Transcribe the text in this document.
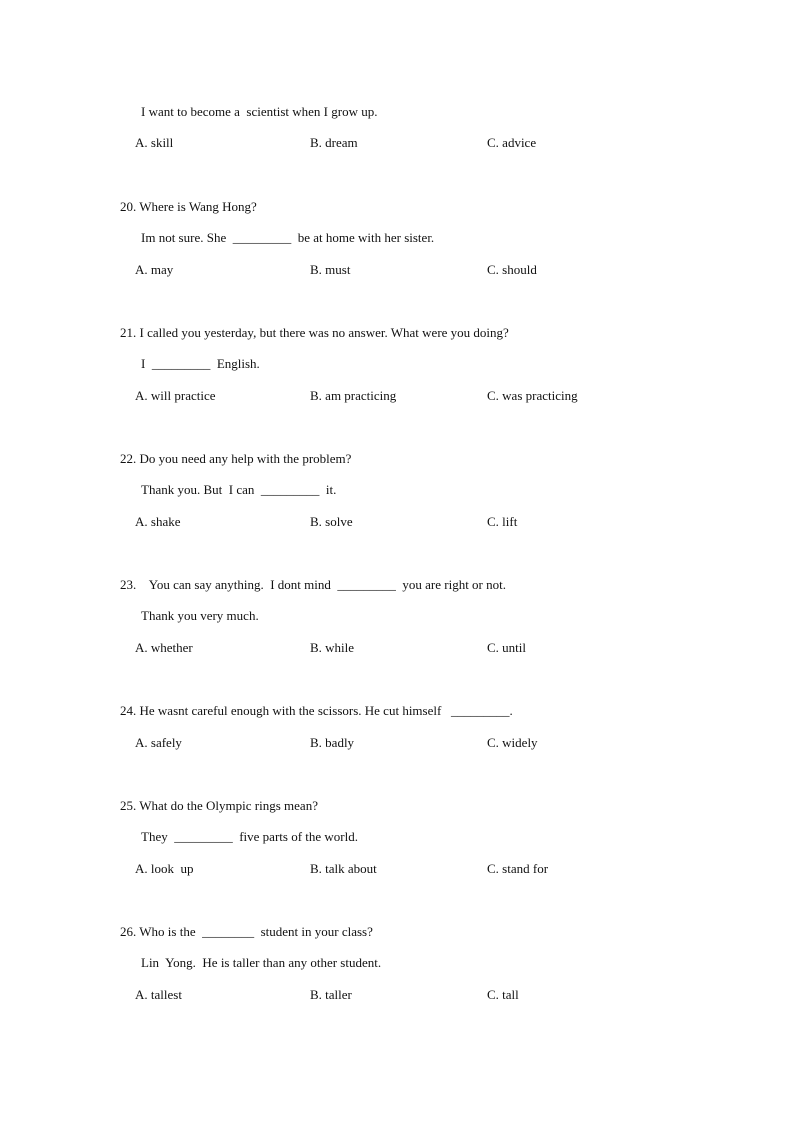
I want to become a  scientist when I grow up.
A. skill	B. dream	C. advice
20. Where is Wang Hong?
Im not sure. She  _________  be at home with her sister.
A. may	B. must	C. should
21. I called you yesterday, but there was no answer. What were you doing?
I  _________  English.
A. will practice	B. am practicing	C. was practicing
22. Do you need any help with the problem?
Thank you. But  I can  _________  it.
A. shake	B. solve	C. lift
23.    You can say anything.  I dont mind  _________  you are right or not.
Thank you very much.
A. whether	B. while	C. until
24. He wasnt careful enough with the scissors. He cut himself   _________.
A. safely	B. badly	C. widely
25. What do the Olympic rings mean?
They  _________  five parts of the world.
A. look  up	B. talk about	C. stand for
26. Who is the  ________  student in your class?
Lin  Yong.  He is taller than any other student.
A. tallest	B. taller	C. tall
